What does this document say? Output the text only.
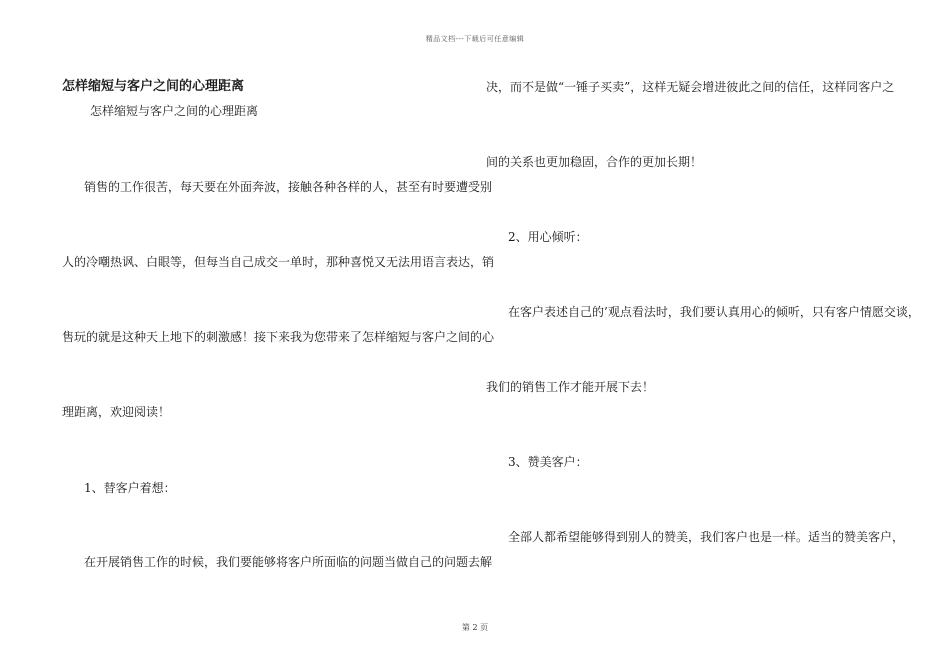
精品文档---下载后可任意编辑
怎样缩短与客户之间的心理距离
怎样缩短与客户之间的心理距离
销售的工作很苦，每天要在外面奔波，接触各种各样的人，甚至有时要遭受别
人的冷嘲热讽、白眼等，但每当自己成交一单时，那种喜悦又无法用语言表达，销
售玩的就是这种天上地下的刺激感！接下来我为您带来了怎样缩短与客户之间的心
理距离，欢迎阅读！
1、替客户着想：
在开展销售工作的时候，我们要能够将客户所面临的问题当做自己的问题去解
决，而不是做“一锤子买卖”，这样无疑会增进彼此之间的信任，这样同客户之
间的关系也更加稳固，合作的更加长期！
2、用心倾听：
在客户表述自己的’观点看法时，我们要认真用心的倾听，只有客户情愿交谈，
我们的销售工作才能开展下去！
3、赞美客户：
全部人都希望能够得到别人的赞美，我们客户也是一样。适当的赞美客户，
第 2 页
